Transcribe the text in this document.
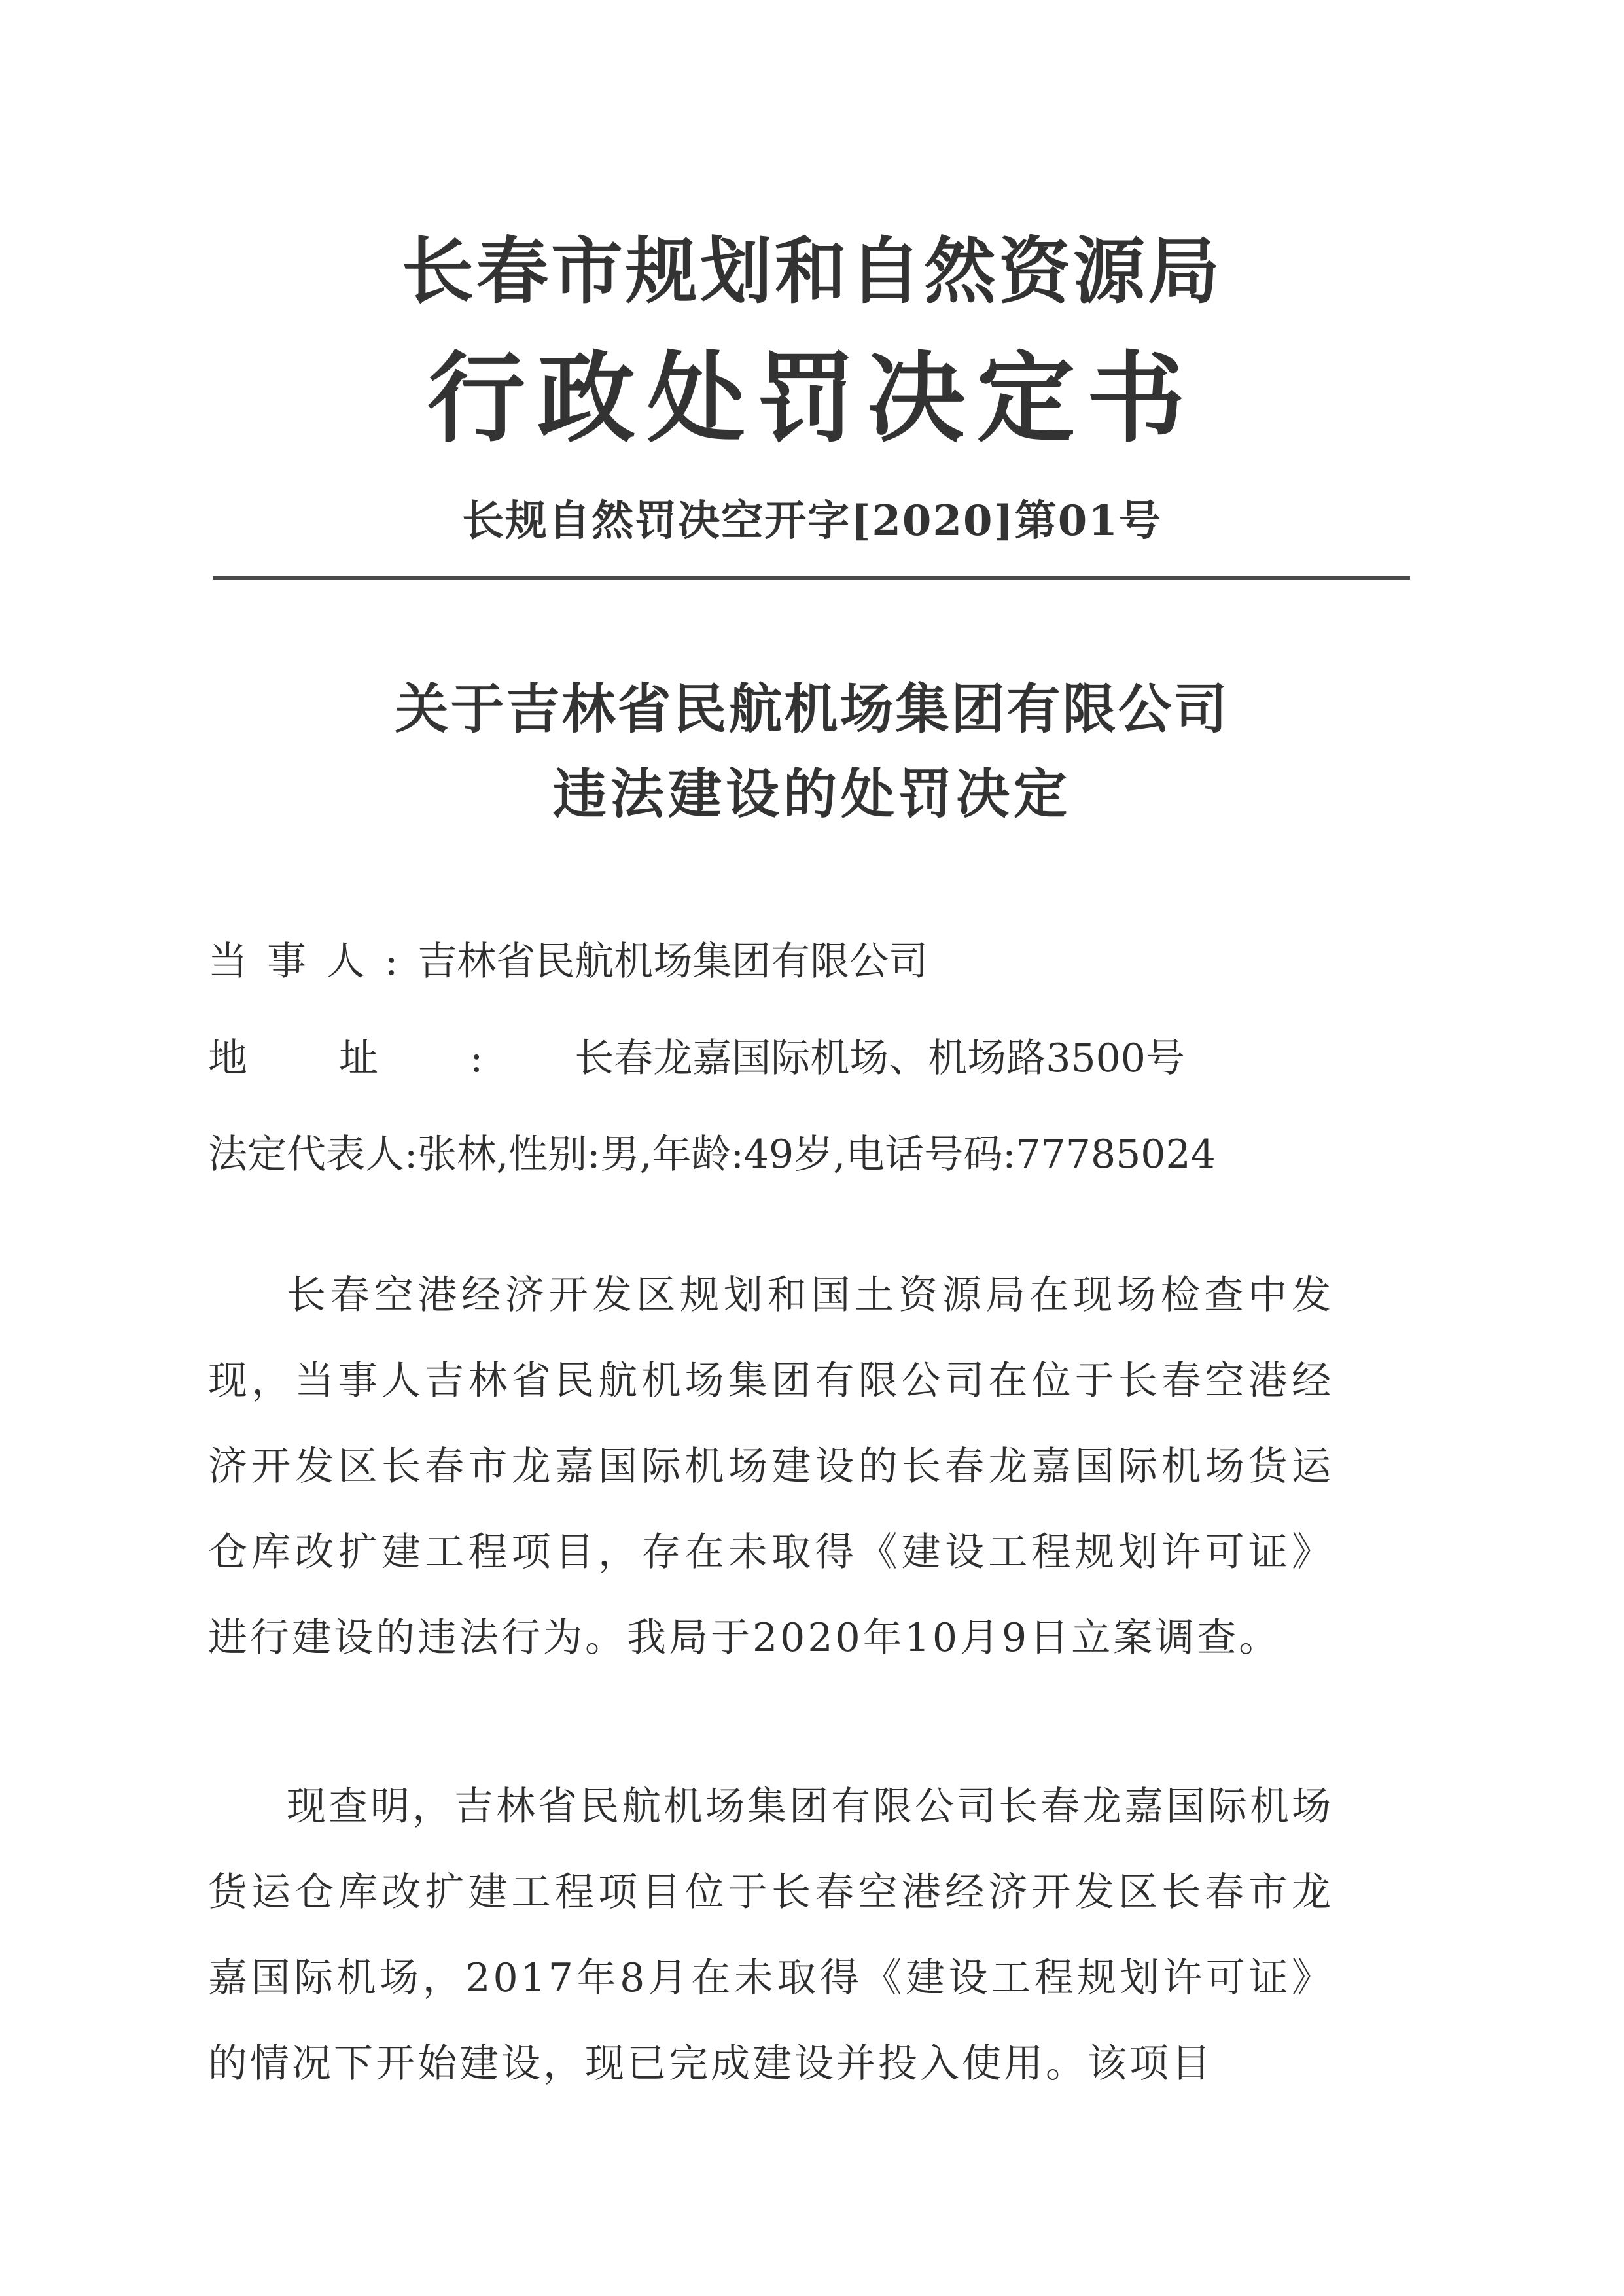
长春市规划和自然资源局
行政处罚决定书
长规自然罚决空开字[2020]第01号
关于吉林省民航机场集团有限公司
违法建设的处罚决定
当事人:吉林省民航机场集团有限公司
地址:长春龙嘉国际机场、机场路3500号
法定代表人:张林,性别:男,年龄:49岁,电话号码:77785024
长春空港经济开发区规划和国土资源局在现场检查中发现，当事人吉林省民航机场集团有限公司在位于长春空港经济开发区长春市龙嘉国际机场建设的长春龙嘉国际机场货运仓库改扩建工程项目，存在未取得《建设工程规划许可证》进行建设的违法行为。我局于2020年10月9日立案调查。
现查明，吉林省民航机场集团有限公司长春龙嘉国际机场货运仓库改扩建工程项目位于长春空港经济开发区长春市龙嘉国际机场，2017年8月在未取得《建设工程规划许可证》的情况下开始建设，现已完成建设并投入使用。该项目
